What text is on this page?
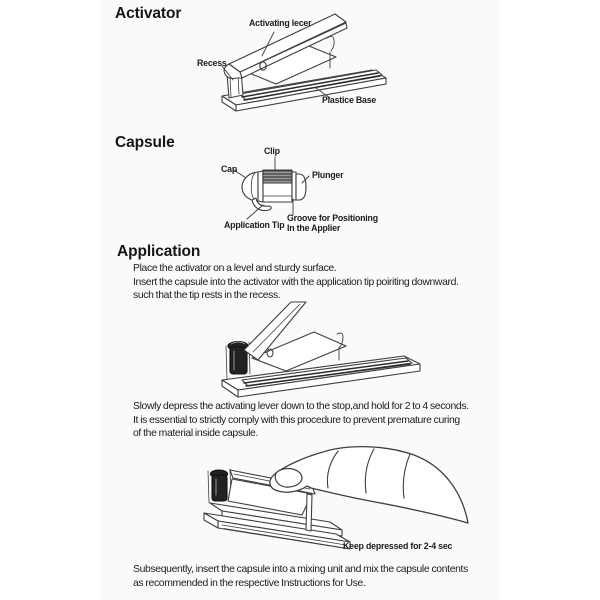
Activator
Activating lecer
Recess
Plastice Base
Capsule	Clip
Cap
Plunger
Application Tip
Groove for Positioning
In the Applier
Application
Place the activator on a level and sturdy surface.
Insert the capsule into the activator with the application tip poiriting downward.
such that the tip rests in the recess.
Slowly depress the activating lever down to the stop,and hold for 2 to 4 seconds.
It is essential to strictly comply with this procedure to prevent premature curing
of the material inside capsule.
Keep depressed for 2-4 sec
Subsequently, insert the capsule into a mixing unit and mix the capsule contents
as recommended in the respective Instructions for Use.
